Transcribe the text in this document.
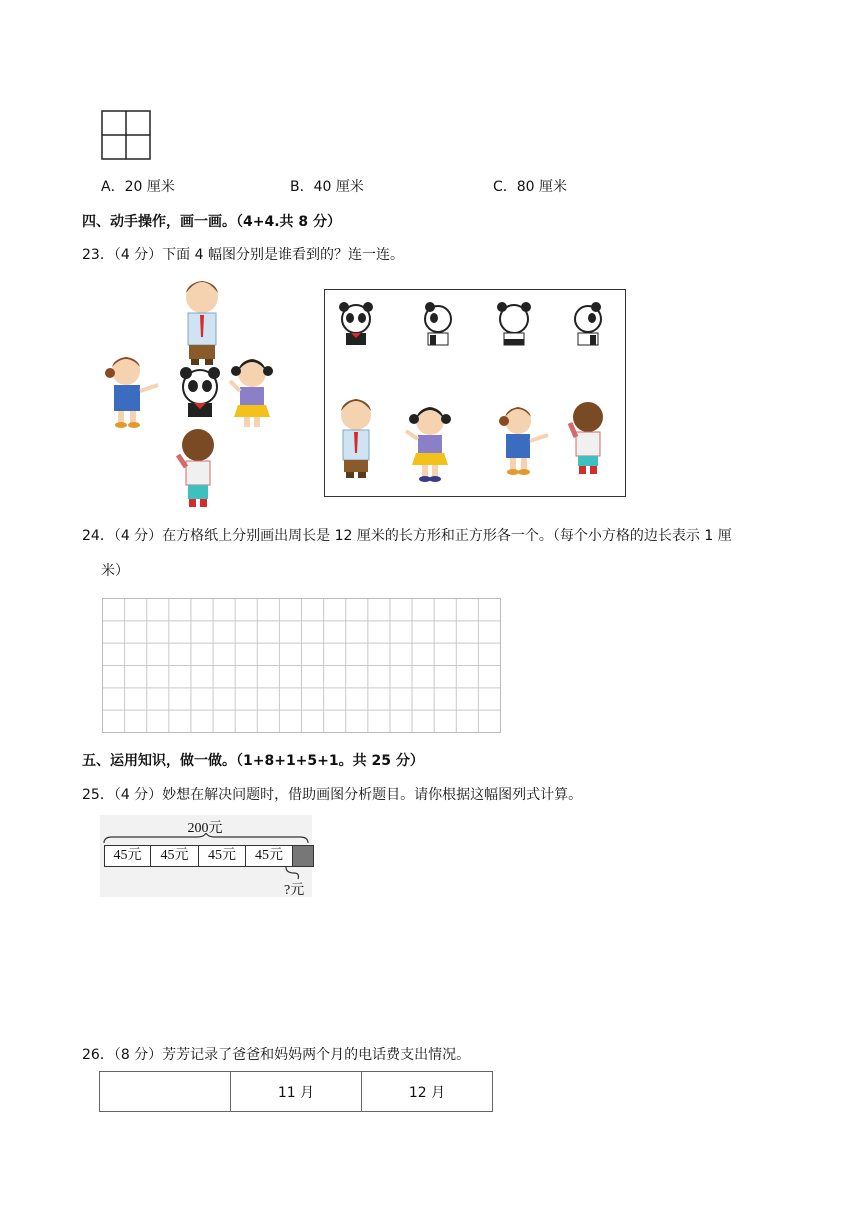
A．20 厘米	B．40 厘米	C．80 厘米
四、动手操作，画一画。（4+4.共 8 分）
23．（4 分）下面 4 幅图分别是谁看到的？连一连。
24．（4 分）在方格纸上分别画出周长是 12 厘米的长方形和正方形各一个。（每个小方格的边长表示 1 厘
米）
五、运用知识，做一做。（1+8+1+5+1。共 25 分）
25．（4 分）妙想在解决问题时，借助画图分析题目。请你根据这幅图列式计算。
200元
45元	45元	45元	45元
?元
26．（8 分）芳芳记录了爸爸和妈妈两个月的电话费支出情况。
	11 月	12 月
